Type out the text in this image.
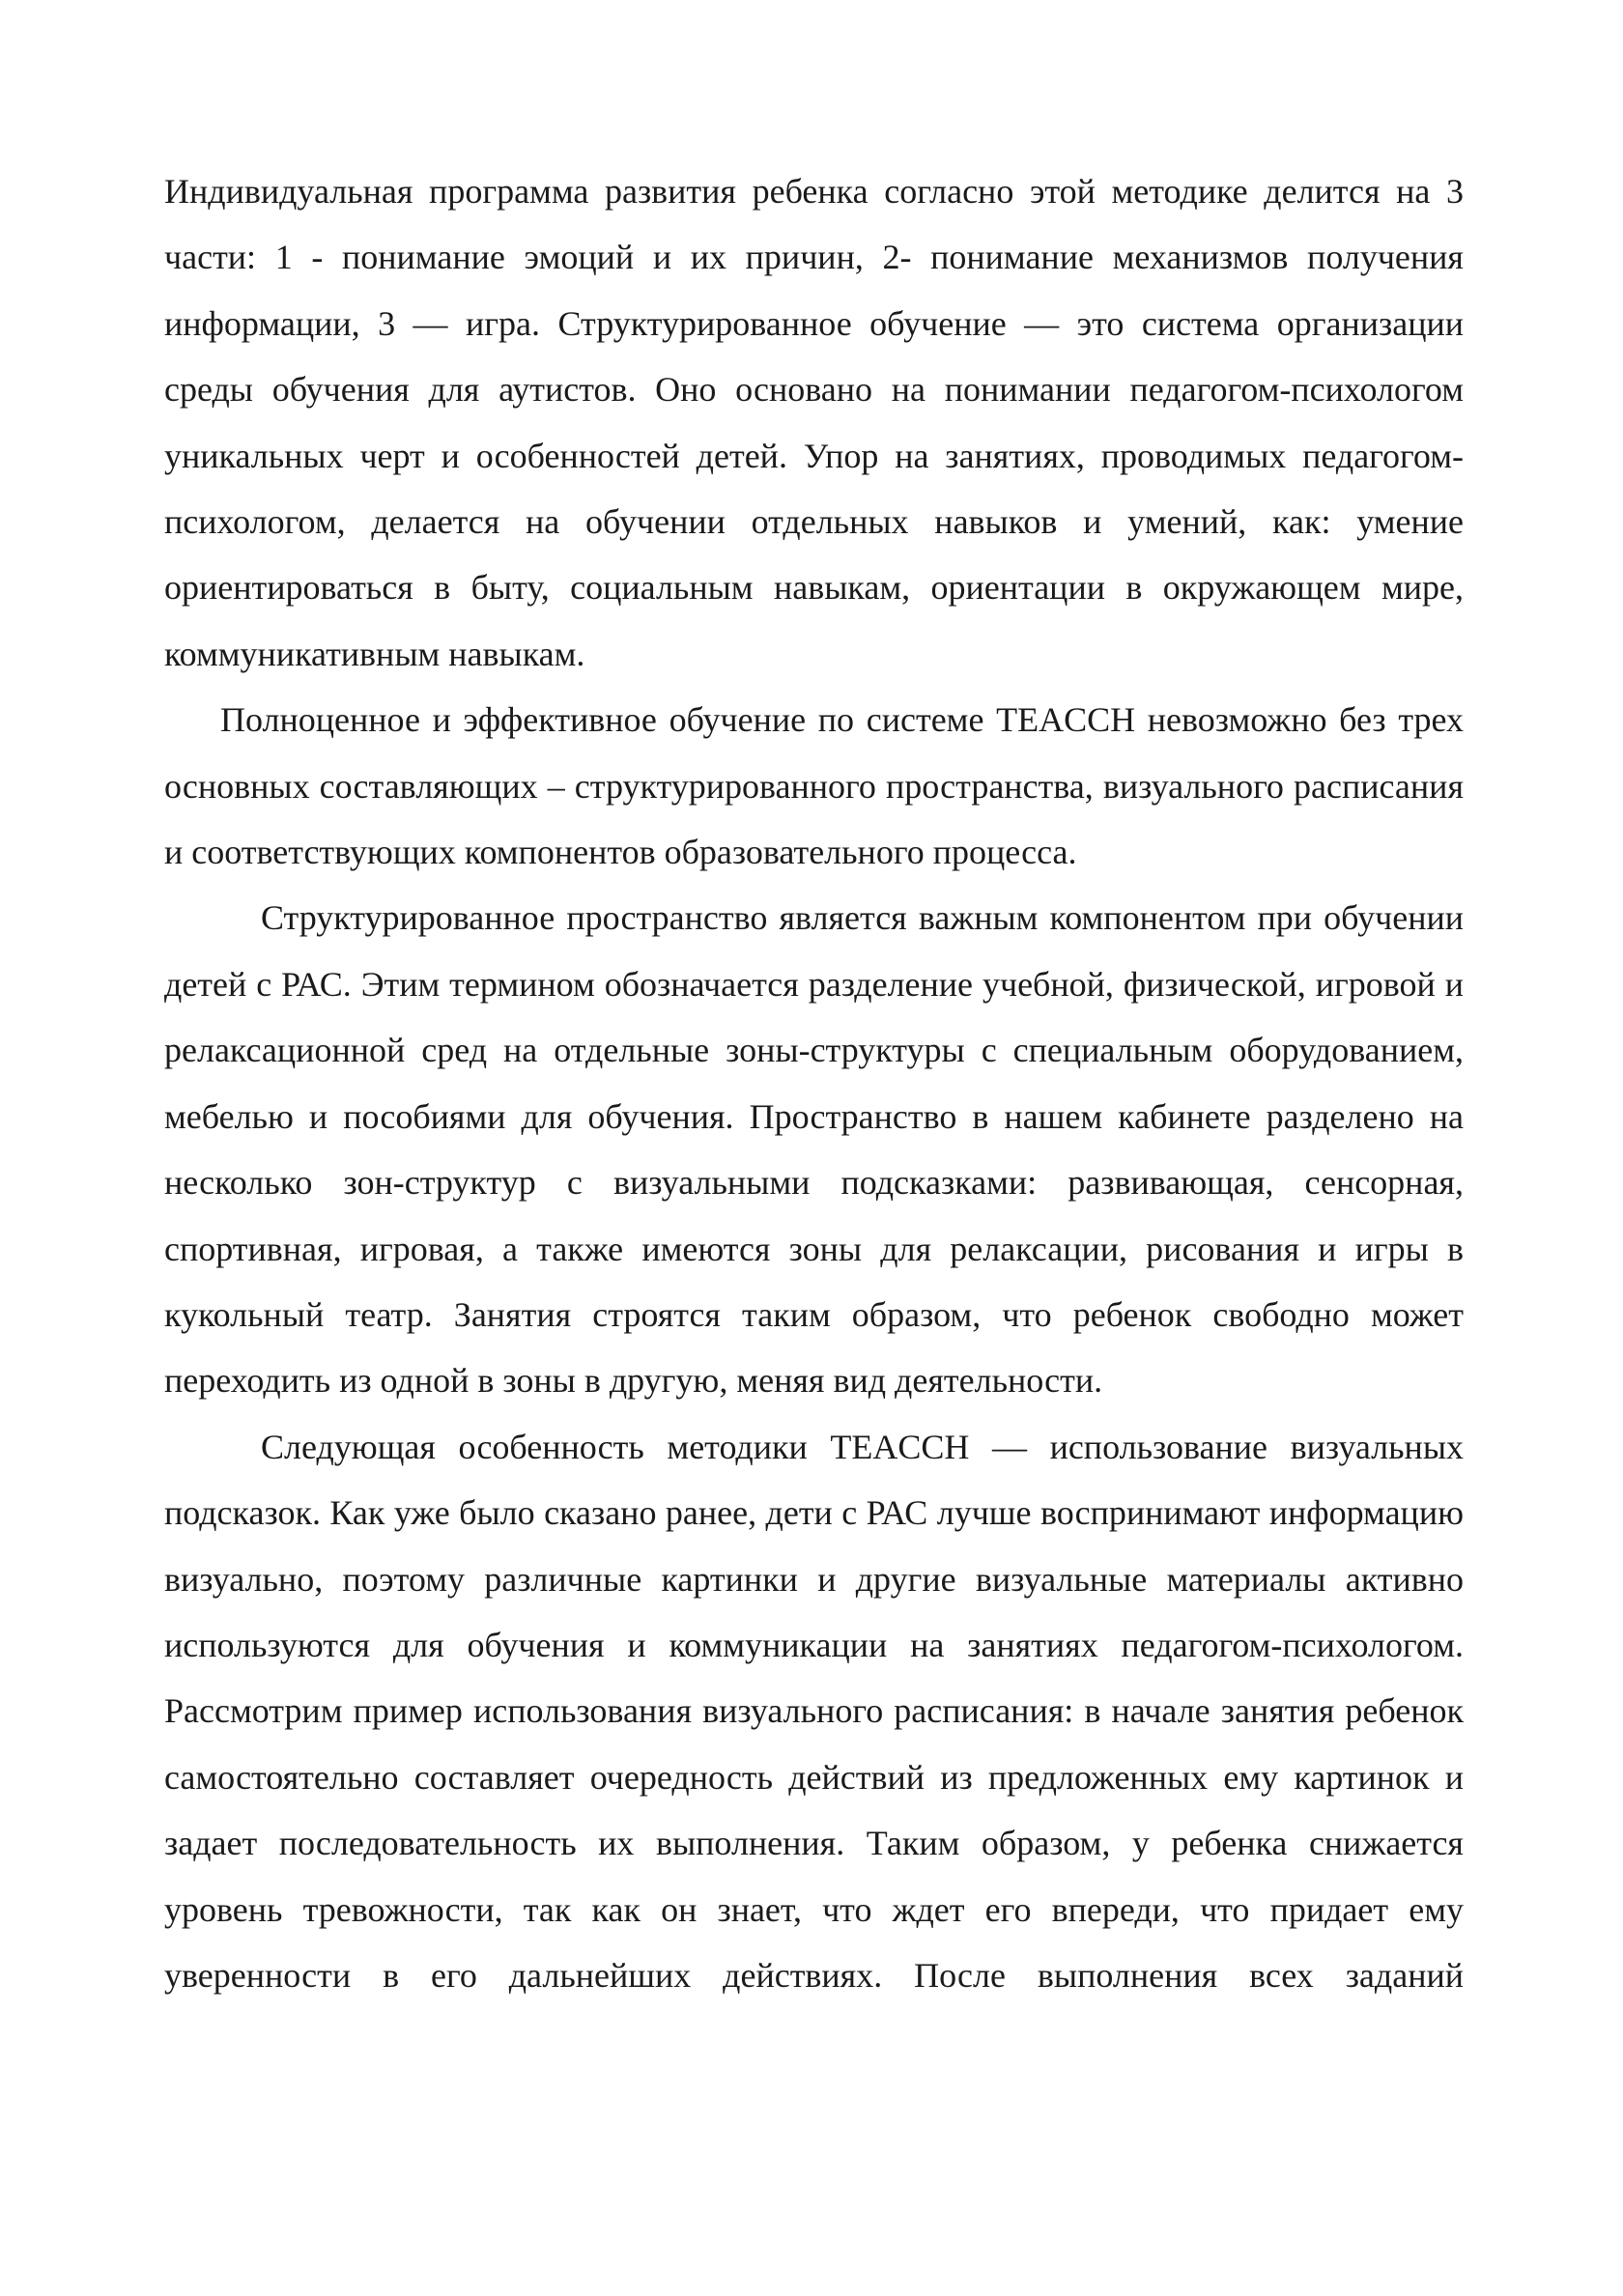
Индивидуальная программа развития ребенка согласно этой методике делится на 3 части: 1 - понимание эмоций и их причин, 2- понимание механизмов получения информации, 3 — игра. Структурированное обучение — это система организации среды обучения для аутистов. Оно основано на понимании педагогом-психологом уникальных черт и особенностей детей. Упор на занятиях, проводимых педагогом-психологом, делается на обучении отдельных навыков и умений, как: умение ориентироваться в быту, социальным навыкам, ориентации в окружающем мире, коммуникативным навыкам.

Полноценное и эффективное обучение по системе TEACCH невозможно без трех основных составляющих – структурированного пространства, визуального расписания и соответствующих компонентов образовательного процесса.

Структурированное пространство является важным компонентом при обучении детей с РАС. Этим термином обозначается разделение учебной, физической, игровой и релаксационной сред на отдельные зоны-структуры с специальным оборудованием, мебелью и пособиями для обучения. Пространство в нашем кабинете разделено на несколько зон-структур с визуальными подсказками: развивающая, сенсорная, спортивная, игровая, а также имеются зоны для релаксации, рисования и игры в кукольный театр. Занятия строятся таким образом, что ребенок свободно может переходить из одной в зоны в другую, меняя вид деятельности.

Следующая особенность методики TEACCH — использование визуальных подсказок. Как уже было сказано ранее, дети с РАС лучше воспринимают информацию визуально, поэтому различные картинки и другие визуальные материалы активно используются для обучения и коммуникации на занятиях педагогом-психологом. Рассмотрим пример использования визуального расписания: в начале занятия ребенок самостоятельно составляет очередность действий из предложенных ему картинок и задает последовательность их выполнения. Таким образом, у ребенка снижается уровень тревожности, так как он знает, что ждет его впереди, что придает ему уверенности в его дальнейших действиях. После выполнения всех заданий
